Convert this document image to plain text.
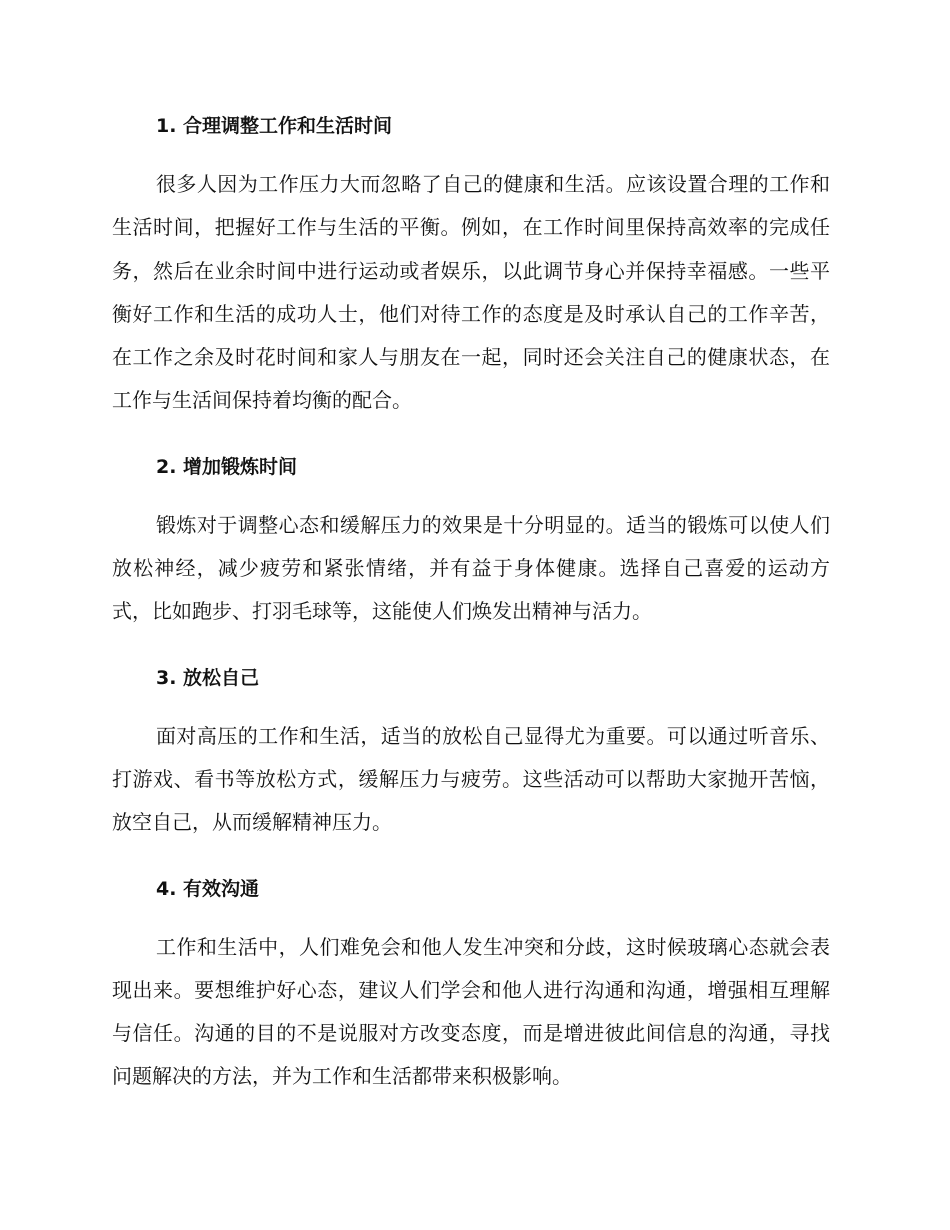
1. 合理调整工作和生活时间

很多人因为工作压力大而忽略了自己的健康和生活。应该设置合理的工作和生活时间，把握好工作与生活的平衡。例如，在工作时间里保持高效率的完成任务，然后在业余时间中进行运动或者娱乐，以此调节身心并保持幸福感。一些平衡好工作和生活的成功人士，他们对待工作的态度是及时承认自己的工作辛苦，在工作之余及时花时间和家人与朋友在一起，同时还会关注自己的健康状态，在工作与生活间保持着均衡的配合。

2. 增加锻炼时间

锻炼对于调整心态和缓解压力的效果是十分明显的。适当的锻炼可以使人们放松神经，减少疲劳和紧张情绪，并有益于身体健康。选择自己喜爱的运动方式，比如跑步、打羽毛球等，这能使人们焕发出精神与活力。

3. 放松自己

面对高压的工作和生活，适当的放松自己显得尤为重要。可以通过听音乐、打游戏、看书等放松方式，缓解压力与疲劳。这些活动可以帮助大家抛开苦恼，放空自己，从而缓解精神压力。

4. 有效沟通

工作和生活中，人们难免会和他人发生冲突和分歧，这时候玻璃心态就会表现出来。要想维护好心态，建议人们学会和他人进行沟通和沟通，增强相互理解与信任。沟通的目的不是说服对方改变态度，而是增进彼此间信息的沟通，寻找问题解决的方法，并为工作和生活都带来积极影响。
